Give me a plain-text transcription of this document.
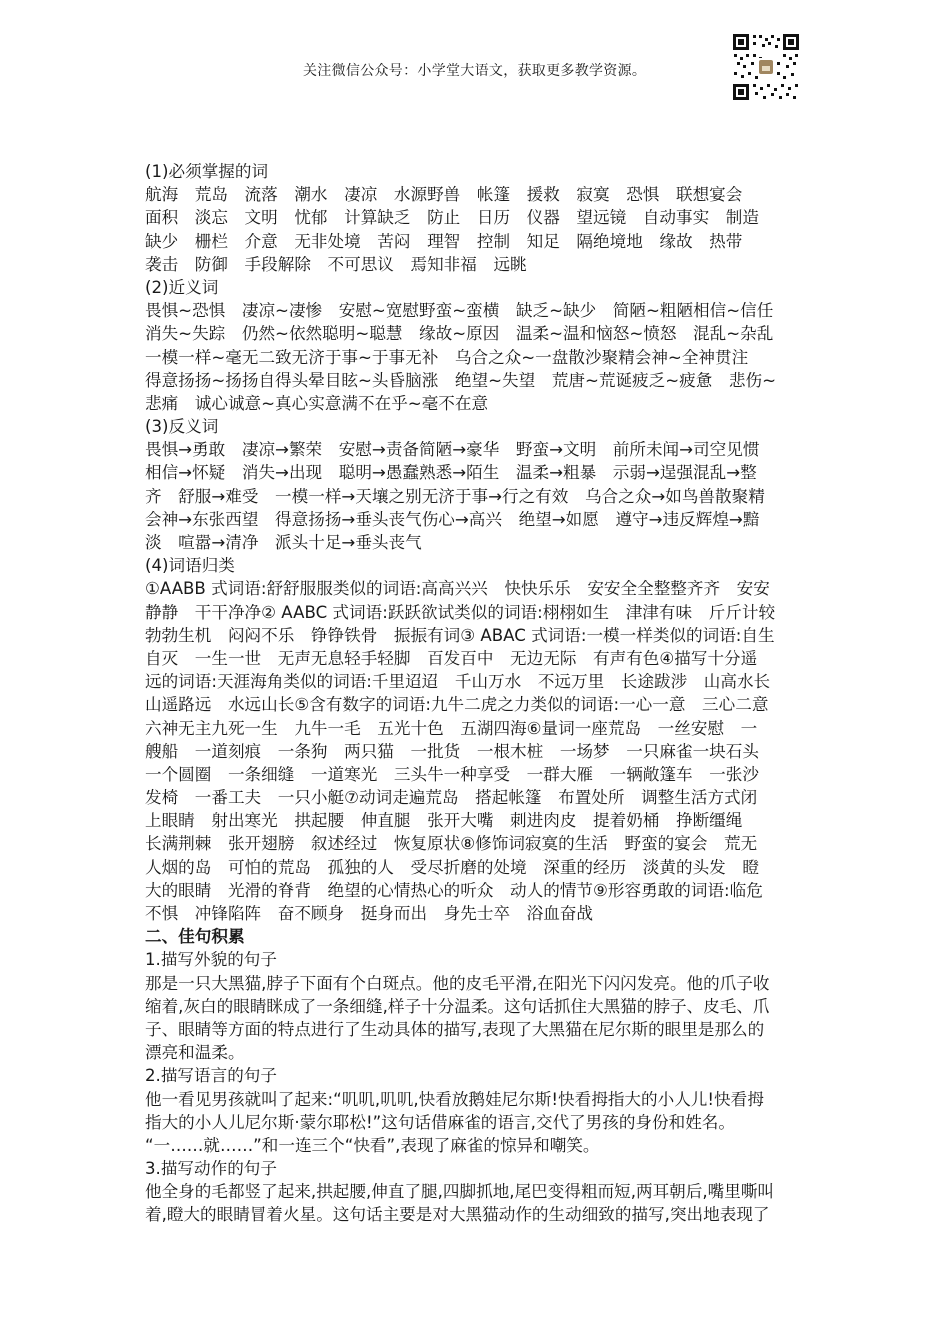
关注微信公众号：小学堂大语文，获取更多教学资源。
(1)必须掌握的词
航海　荒岛　流落　潮水　凄凉　水源野兽　帐篷　援救　寂寞　恐惧　联想宴会
面积　淡忘　文明　忧郁　计算缺乏　防止　日历　仪器　望远镜　自动事实　制造
缺少　栅栏　介意　无非处境　苦闷　理智　控制　知足　隔绝境地　缘故　热带
袭击　防御　手段解除　不可思议　焉知非福　远眺
(2)近义词
畏惧~恐惧　凄凉~凄惨　安慰~宽慰野蛮~蛮横　缺乏~缺少　简陋~粗陋相信~信任
消失~失踪　仍然~依然聪明~聪慧　缘故~原因　温柔~温和恼怒~愤怒　混乱~杂乱
一模一样~毫无二致无济于事~于事无补　乌合之众~一盘散沙聚精会神~全神贯注
得意扬扬~扬扬自得头晕目眩~头昏脑涨　绝望~失望　荒唐~荒诞疲乏~疲惫　悲伤~
悲痛　诚心诚意~真心实意满不在乎~毫不在意
(3)反义词
畏惧→勇敢　凄凉→繁荣　安慰→责备简陋→豪华　野蛮→文明　前所未闻→司空见惯
相信→怀疑　消失→出现　聪明→愚蠢熟悉→陌生　温柔→粗暴　示弱→逞强混乱→整
齐　舒服→难受　一模一样→天壤之别无济于事→行之有效　乌合之众→如鸟兽散聚精
会神→东张西望　得意扬扬→垂头丧气伤心→高兴　绝望→如愿　遵守→违反辉煌→黯
淡　喧嚣→清净　派头十足→垂头丧气
(4)词语归类
①AABB 式词语:舒舒服服类似的词语:高高兴兴　快快乐乐　安安全全整整齐齐　安安
静静　干干净净② AABC 式词语:跃跃欲试类似的词语:栩栩如生　津津有味　斤斤计较
勃勃生机　闷闷不乐　铮铮铁骨　振振有词③ ABAC 式词语:一模一样类似的词语:自生
自灭　一生一世　无声无息轻手轻脚　百发百中　无边无际　有声有色④描写十分遥
远的词语:天涯海角类似的词语:千里迢迢　千山万水　不远万里　长途跋涉　山高水长
山遥路远　水远山长⑤含有数字的词语:九牛二虎之力类似的词语:一心一意　三心二意
六神无主九死一生　九牛一毛　五光十色　五湖四海⑥量词一座荒岛　一丝安慰　一
艘船　一道刻痕　一条狗　两只猫　一批货　一根木桩　一场梦　一只麻雀一块石头
一个圆圈　一条细缝　一道寒光　三头牛一种享受　一群大雁　一辆敞篷车　一张沙
发椅　一番工夫　一只小艇⑦动词走遍荒岛　搭起帐篷　布置处所　调整生活方式闭
上眼睛　射出寒光　拱起腰　伸直腿　张开大嘴　刺进肉皮　提着奶桶　挣断缰绳
长满荆棘　张开翅膀　叙述经过　恢复原状⑧修饰词寂寞的生活　野蛮的宴会　荒无
人烟的岛　可怕的荒岛　孤独的人　受尽折磨的处境　深重的经历　淡黄的头发　瞪
大的眼睛　光滑的脊背　绝望的心情热心的听众　动人的情节⑨形容勇敢的词语:临危
不惧　冲锋陷阵　奋不顾身　挺身而出　身先士卒　浴血奋战
二、佳句积累
1.描写外貌的句子
那是一只大黑猫,脖子下面有个白斑点。他的皮毛平滑,在阳光下闪闪发亮。他的爪子收
缩着,灰白的眼睛眯成了一条细缝,样子十分温柔。这句话抓住大黑猫的脖子、皮毛、爪
子、眼睛等方面的特点进行了生动具体的描写,表现了大黑猫在尼尔斯的眼里是那么的
漂亮和温柔。
2.描写语言的句子
他一看见男孩就叫了起来:“叽叽,叽叽,快看放鹅娃尼尔斯!快看拇指大的小人儿!快看拇
指大的小人儿尼尔斯·蒙尔耶松!”这句话借麻雀的语言,交代了男孩的身份和姓名。
“一……就……”和一连三个“快看”,表现了麻雀的惊异和嘲笑。
3.描写动作的句子
他全身的毛都竖了起来,拱起腰,伸直了腿,四脚抓地,尾巴变得粗而短,两耳朝后,嘴里嘶叫
着,瞪大的眼睛冒着火星。这句话主要是对大黑猫动作的生动细致的描写,突出地表现了
